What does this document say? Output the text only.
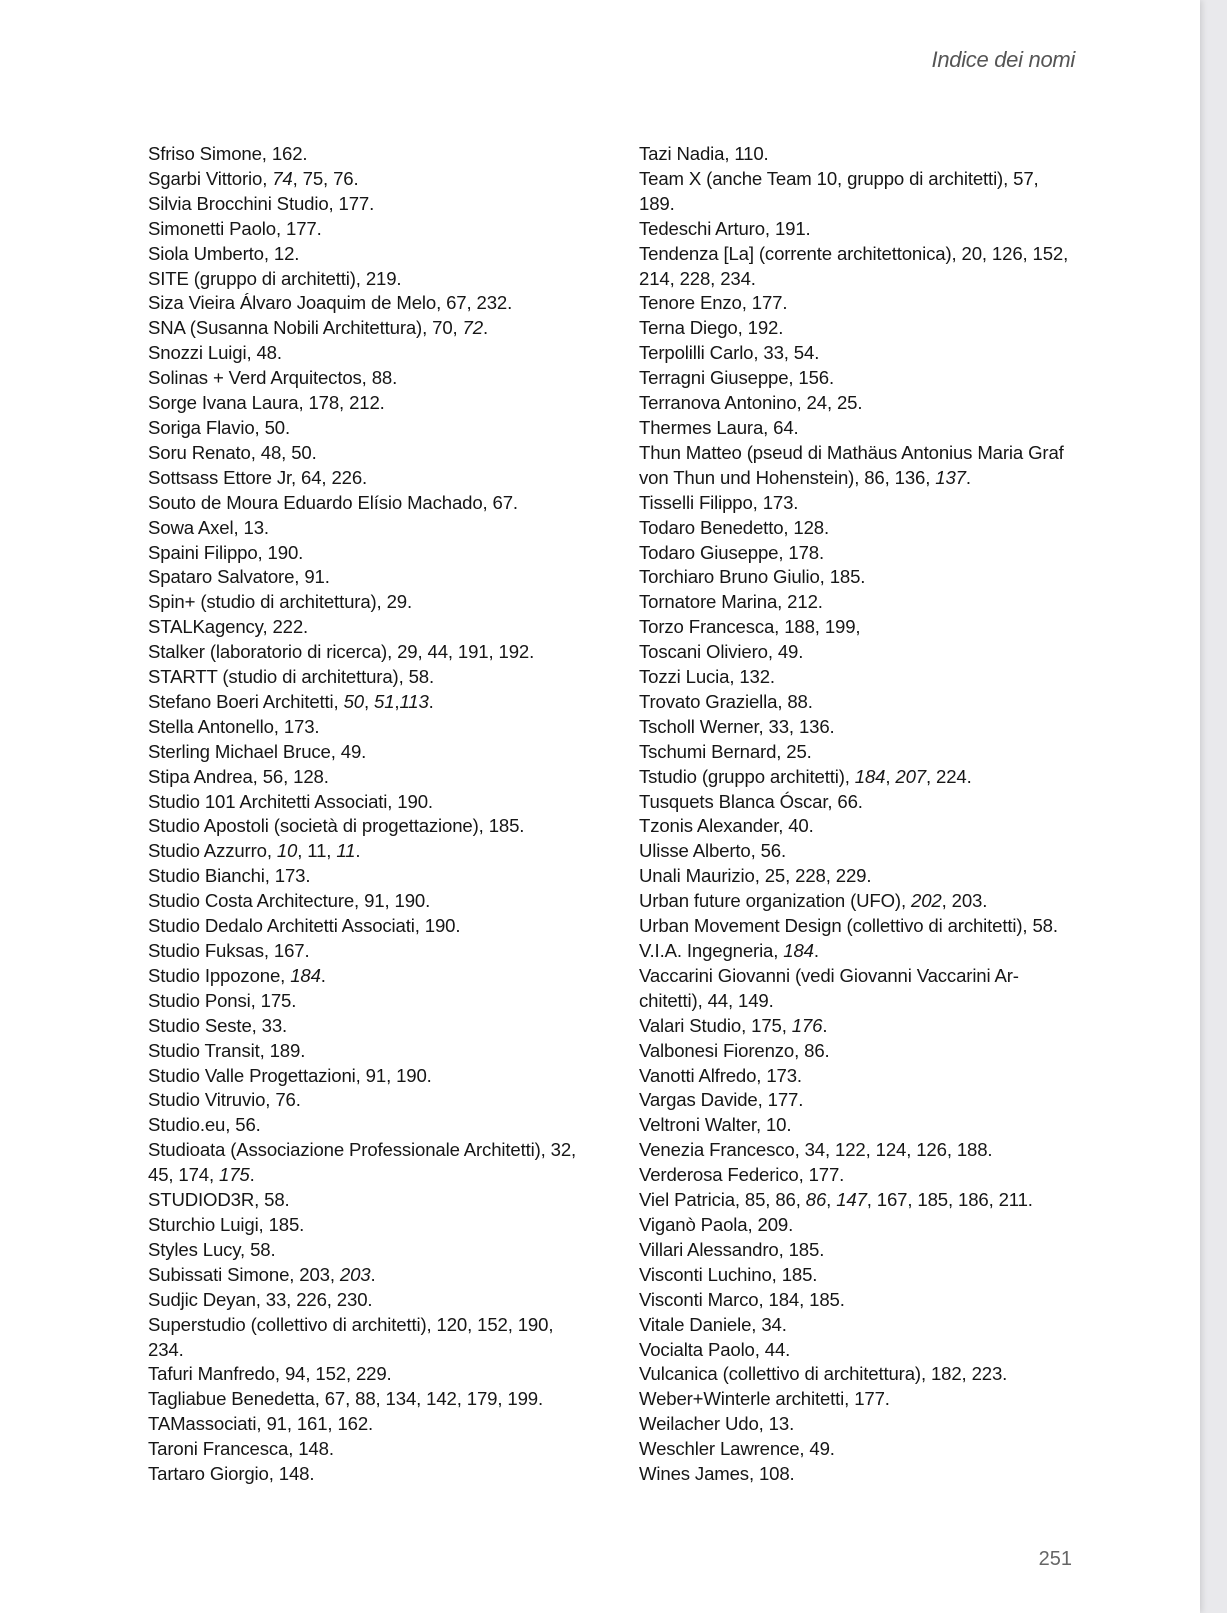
Indice dei nomi
Sfriso Simone, 162.
Sgarbi Vittorio, 74, 75, 76.
Silvia Brocchini Studio, 177.
Simonetti Paolo, 177.
Siola Umberto, 12.
SITE (gruppo di architetti), 219.
Siza Vieira Álvaro Joaquim de Melo, 67, 232.
SNA (Susanna Nobili Architettura), 70, 72.
Snozzi Luigi, 48.
Solinas + Verd Arquitectos, 88.
Sorge Ivana Laura, 178, 212.
Soriga Flavio, 50.
Soru Renato, 48, 50.
Sottsass Ettore Jr, 64, 226.
Souto de Moura Eduardo Elísio Machado, 67.
Sowa Axel, 13.
Spaini Filippo, 190.
Spataro Salvatore, 91.
Spin+ (studio di architettura), 29.
STALKagency, 222.
Stalker (laboratorio di ricerca), 29, 44, 191, 192.
STARTT (studio di architettura), 58.
Stefano Boeri Architetti, 50, 51,113.
Stella Antonello, 173.
Sterling Michael Bruce, 49.
Stipa Andrea, 56, 128.
Studio 101 Architetti Associati, 190.
Studio Apostoli (società di progettazione), 185.
Studio Azzurro, 10, 11, 11.
Studio Bianchi, 173.
Studio Costa Architecture, 91, 190.
Studio Dedalo Architetti Associati, 190.
Studio Fuksas, 167.
Studio Ippozone, 184.
Studio Ponsi, 175.
Studio Seste, 33.
Studio Transit, 189.
Studio Valle Progettazioni, 91, 190.
Studio Vitruvio, 76.
Studio.eu, 56.
Studioata (Associazione Professionale Architetti), 32,
45, 174, 175.
STUDIOD3R, 58.
Sturchio Luigi, 185.
Styles Lucy, 58.
Subissati Simone, 203, 203.
Sudjic Deyan, 33, 226, 230.
Superstudio (collettivo di architetti), 120, 152, 190,
234.
Tafuri Manfredo, 94, 152, 229.
Tagliabue Benedetta, 67, 88, 134, 142, 179, 199.
TAMassociati, 91, 161, 162.
Taroni Francesca, 148.
Tartaro Giorgio, 148.
Tazi Nadia, 110.
Team X (anche Team 10, gruppo di architetti), 57,
189.
Tedeschi Arturo, 191.
Tendenza [La] (corrente architettonica), 20, 126, 152,
214, 228, 234.
Tenore Enzo, 177.
Terna Diego, 192.
Terpolilli Carlo, 33, 54.
Terragni Giuseppe, 156.
Terranova Antonino, 24, 25.
Thermes Laura, 64.
Thun Matteo (pseud di Mathäus Antonius Maria Graf
von Thun und Hohenstein), 86, 136, 137.
Tisselli Filippo, 173.
Todaro Benedetto, 128.
Todaro Giuseppe, 178.
Torchiaro Bruno Giulio, 185.
Tornatore Marina, 212.
Torzo Francesca, 188, 199,
Toscani Oliviero, 49.
Tozzi Lucia, 132.
Trovato Graziella, 88.
Tscholl Werner, 33, 136.
Tschumi Bernard, 25.
Tstudio (gruppo architetti), 184, 207, 224.
Tusquets Blanca Óscar, 66.
Tzonis Alexander, 40.
Ulisse Alberto, 56.
Unali Maurizio, 25, 228, 229.
Urban future organization (UFO), 202, 203.
Urban Movement Design (collettivo di architetti), 58.
V.I.A. Ingegneria, 184.
Vaccarini Giovanni (vedi Giovanni Vaccarini Ar-
chitetti), 44, 149.
Valari Studio, 175, 176.
Valbonesi Fiorenzo, 86.
Vanotti Alfredo, 173.
Vargas Davide, 177.
Veltroni Walter, 10.
Venezia Francesco, 34, 122, 124, 126, 188.
Verderosa Federico, 177.
Viel Patricia, 85, 86, 86, 147, 167, 185, 186, 211.
Viganò Paola, 209.
Villari Alessandro, 185.
Visconti Luchino, 185.
Visconti Marco, 184, 185.
Vitale Daniele, 34.
Vocialta Paolo, 44.
Vulcanica (collettivo di architettura), 182, 223.
Weber+Winterle architetti, 177.
Weilacher Udo, 13.
Weschler Lawrence, 49.
Wines James, 108.
251
